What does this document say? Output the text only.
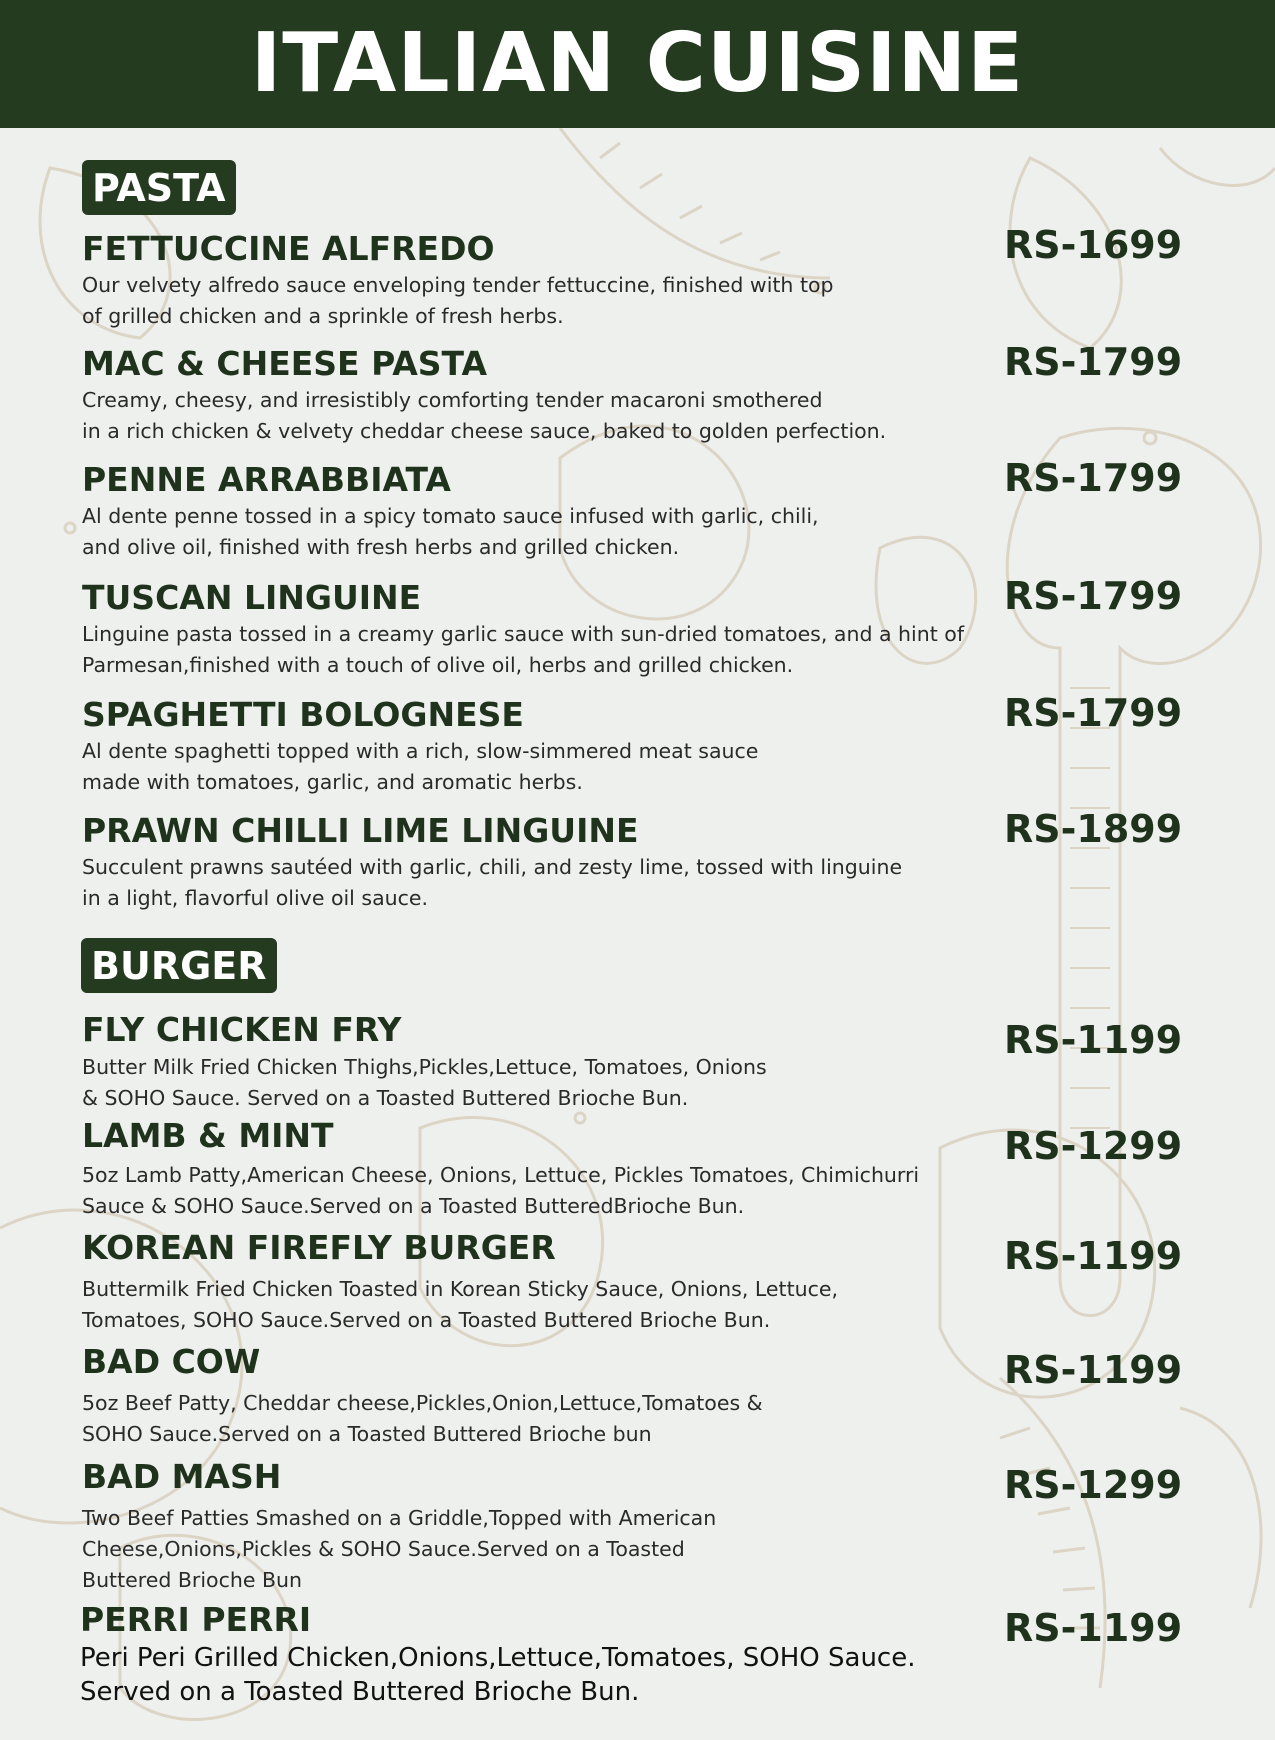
ITALIAN CUISINE
PASTA
FETTUCCINE ALFREDO	RS-1699
Our velvety alfredo sauce enveloping tender fettuccine, finished with top
of grilled chicken and a sprinkle of fresh herbs.
MAC & CHEESE PASTA	RS-1799
Creamy, cheesy, and irresistibly comforting tender macaroni smothered
in a rich chicken & velvety cheddar cheese sauce, baked to golden perfection.
PENNE ARRABBIATA	RS-1799
Al dente penne tossed in a spicy tomato sauce infused with garlic, chili,
and olive oil, finished with fresh herbs and grilled chicken.
TUSCAN LINGUINE	RS-1799
Linguine pasta tossed in a creamy garlic sauce with sun-dried tomatoes, and a hint of
Parmesan,finished with a touch of olive oil, herbs and grilled chicken.
SPAGHETTI BOLOGNESE	RS-1799
Al dente spaghetti topped with a rich, slow-simmered meat sauce
made with tomatoes, garlic, and aromatic herbs.
PRAWN CHILLI LIME LINGUINE	RS-1899
Succulent prawns sautéed with garlic, chili, and zesty lime, tossed with linguine
in a light, flavorful olive oil sauce.
BURGER
FLY CHICKEN FRY	RS-1199
Butter Milk Fried Chicken Thighs,Pickles,Lettuce, Tomatoes, Onions
& SOHO Sauce. Served on a Toasted Buttered Brioche Bun.
LAMB & MINT	RS-1299
5oz Lamb Patty,American Cheese, Onions, Lettuce, Pickles Tomatoes, Chimichurri
Sauce & SOHO Sauce.Served on a Toasted ButteredBrioche Bun.
KOREAN FIREFLY BURGER	RS-1199
Buttermilk Fried Chicken Toasted in Korean Sticky Sauce, Onions, Lettuce,
Tomatoes, SOHO Sauce.Served on a Toasted Buttered Brioche Bun.
BAD COW	RS-1199
5oz Beef Patty, Cheddar cheese,Pickles,Onion,Lettuce,Tomatoes &
SOHO Sauce.Served on a Toasted Buttered Brioche bun
BAD MASH	RS-1299
Two Beef Patties Smashed on a Griddle,Topped with American
Cheese,Onions,Pickles & SOHO Sauce.Served on a Toasted
Buttered Brioche Bun
PERRI PERRI	RS-1199
Peri Peri Grilled Chicken,Onions,Lettuce,Tomatoes, SOHO Sauce.
Served on a Toasted Buttered Brioche Bun.
